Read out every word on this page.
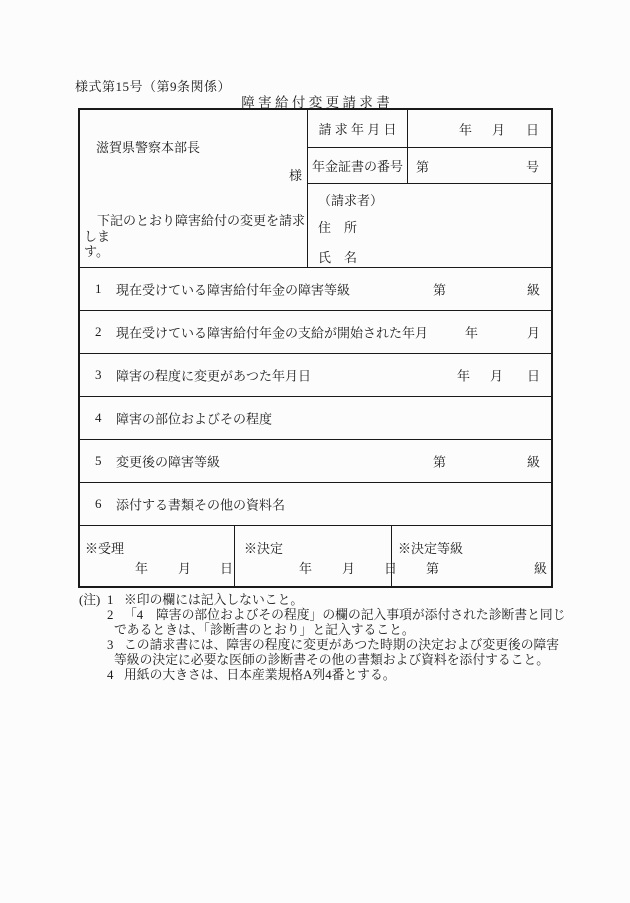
様式第15号（第9条関係）
障 害 給 付 変 更 請 求 書
滋賀県警察本部長
様
　下記のとおり障害給付の変更を請求しま
す。
請 求 年 月 日	年 月 日
年金証書の番号	第	号
（請求者）
住　所
氏　名
1 現在受けている障害給付年金の障害等級	第	級
2 現在受けている障害給付年金の支給が開始された年月	年	月
3 障害の程度に変更があつた年月日	年 月 日
4 障害の部位およびその程度
5 変更後の障害等級	第	級
6 添付する書類その他の資料名
※受理
年 月 日
※決定
年 月 日
※決定等級
第	級
(注) 1 ※印の欄には記入しないこと。
2 「4　障害の部位およびその程度」の欄の記入事項が添付された診断書と同じ
であるときは、「診断書のとおり」と記入すること。
3 この請求書には、障害の程度に変更があつた時期の決定および変更後の障害
等級の決定に必要な医師の診断書その他の書類および資料を添付すること。
4 用紙の大きさは、日本産業規格A列4番とする。
